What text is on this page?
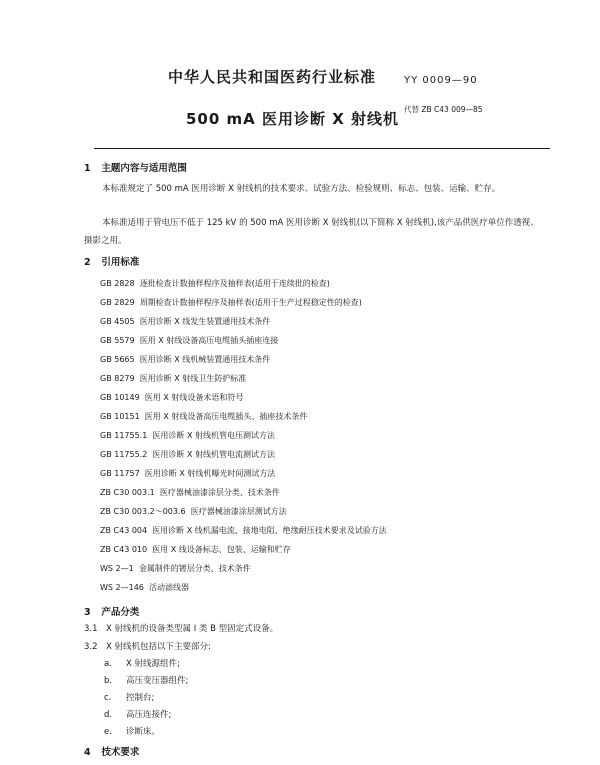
中华人民共和国医药行业标准	YY 0009—90
500 mA 医用诊断 X 射线机
代替 ZB C43 009—85
1 主题内容与适用范围
本标准规定了 500 mA 医用诊断 X 射线机的技术要求、试验方法、检验规则、标志、包装、运输、贮存。
本标准适用于管电压不低于 125 kV 的 500 mA 医用诊断 X 射线机(以下简称 X 射线机),该产品供医疗单位作透视、摄影之用。
2 引用标准
GB 2828 逐批检查计数抽样程序及抽样表(适用于连续批的检查)
GB 2829 周期检查计数抽样程序及抽样表(适用于生产过程稳定性的检查)
GB 4505 医用诊断 X 线发生装置通用技术条件
GB 5579 医用 X 射线设备高压电缆插头插座连接
GB 5665 医用诊断 X 线机械装置通用技术条件
GB 8279 医用诊断 X 射线卫生防护标准
GB 10149 医用 X 射线设备术语和符号
GB 10151 医用 X 射线设备高压电缆插头、插座技术条件
GB 11755.1 医用诊断 X 射线机管电压测试方法
GB 11755.2 医用诊断 X 射线机管电流测试方法
GB 11757 医用诊断 X 射线机曝光时间测试方法
ZB C30 003.1 医疗器械油漆涂层分类、技术条件
ZB C30 003.2～003.6 医疗器械油漆涂层测试方法
ZB C43 004 医用诊断 X 线机漏电流、接地电阻、绝缘耐压技术要求及试验方法
ZB C43 010 医用 X 线设备标志、包装、运输和贮存
WS 2—1 金属制件的镀层分类、技术条件
WS 2—146 活动滤线器
3 产品分类
3.1 X 射线机的设备类型属 I 类 B 型固定式设备。
3.2 X 射线机包括以下主要部分:
a. X 射线源组件;
b. 高压变压器组件;
c. 控制台;
d. 高压连接件;
e. 诊断床。
4 技术要求
